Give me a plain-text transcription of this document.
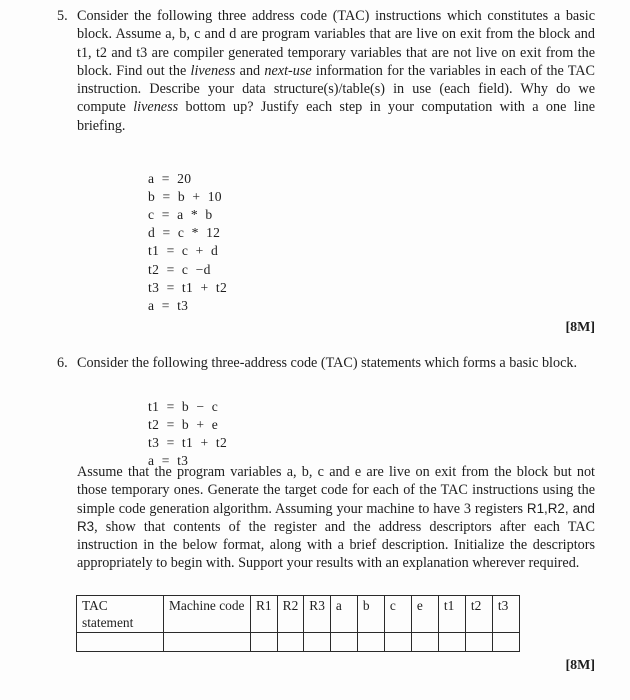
5. Consider the following three address code (TAC) instructions which constitutes a basic block. Assume a, b, c and d are program variables that are live on exit from the block and t1, t2 and t3 are compiler generated temporary variables that are not live on exit from the block. Find out the liveness and next-use information for the variables in each of the TAC instruction. Describe your data structure(s)/table(s) in use (each field). Why do we compute liveness bottom up? Justify each step in your computation with a one line briefing.

a  =  20
b  =  b  +  10
c  =  a  *  b
d  =  c  *  12
t1  =  c  +  d
t2  =  c  −d
t3  =  t1  +  t2
a  =  t3

[8M]
6. Consider the following three-address code (TAC) statements which forms a basic block.

t1  =  b  −  c
t2  =  b  +  e
t3  =  t1  +  t2
a  =  t3

Assume that the program variables a, b, c and e are live on exit from the block but not those temporary ones. Generate the target code for each of the TAC instructions using the simple code generation algorithm. Assuming your machine to have 3 registers R1,R2, and R3, show that contents of the register and the address descriptors after each TAC instruction in the below format, along with a brief description. Initialize the descriptors appropriately to begin with. Support your results with an explanation wherever required.
TAC statement	Machine code	R1	R2	R3	a	b	c	e	t1	t2	t3

[8M]
